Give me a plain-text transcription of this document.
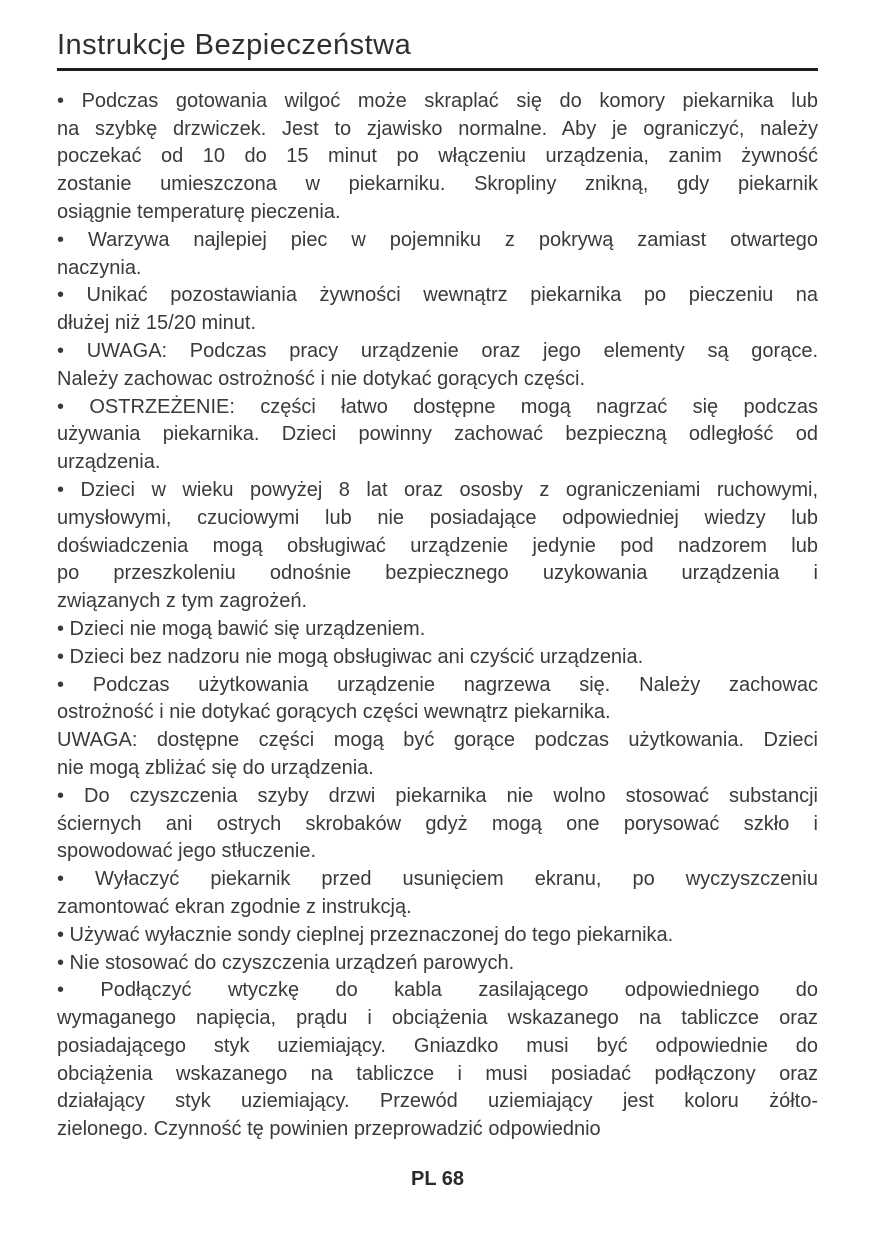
Instrukcje Bezpieczeństwa
• Podczas gotowania wilgoć może skraplać się do komory piekarnika lub
na szybkę drzwiczek. Jest to zjawisko normalne. Aby je ograniczyć, należy
poczekać od 10 do 15 minut po włączeniu urządzenia, zanim żywność
zostanie umieszczona w piekarniku. Skropliny znikną, gdy piekarnik
osiągnie temperaturę pieczenia.
• Warzywa najlepiej piec w pojemniku z pokrywą zamiast otwartego
naczynia.
• Unikać pozostawiania żywności wewnątrz piekarnika po pieczeniu na
dłużej niż 15/20 minut.
• UWAGA: Podczas pracy urządzenie oraz jego elementy są gorące.
Należy zachowac ostrożność i nie dotykać gorących części.
• OSTRZEŻENIE: części łatwo dostępne mogą nagrzać się podczas
używania piekarnika. Dzieci powinny zachować bezpieczną odległość od
urządzenia.
• Dzieci w wieku powyżej 8 lat oraz ososby z ograniczeniami ruchowymi,
umysłowymi, czuciowymi lub nie posiadające odpowiedniej wiedzy lub
doświadczenia mogą obsługiwać urządzenie jedynie pod nadzorem lub
po przeszkoleniu odnośnie bezpiecznego uzykowania urządzenia i
związanych z tym zagrożeń.
• Dzieci nie mogą bawić się urządzeniem.
• Dzieci bez nadzoru nie mogą obsługiwac ani czyścić urządzenia.
• Podczas użytkowania urządzenie nagrzewa się. Należy zachowac
ostrożność i nie dotykać gorących części wewnątrz piekarnika.
UWAGA: dostępne części mogą być gorące podczas użytkowania. Dzieci
nie mogą zbliżać się do urządzenia.
• Do czyszczenia szyby drzwi piekarnika nie wolno stosować substancji
ściernych ani ostrych skrobaków gdyż mogą one porysować szkło i
spowodować jego stłuczenie.
• Wyłaczyć piekarnik przed usunięciem ekranu, po wyczyszczeniu
zamontować ekran zgodnie z instrukcją.
• Używać wyłacznie sondy cieplnej przeznaczonej do tego piekarnika.
• Nie stosować do czyszczenia urządzeń parowych.
• Podłączyć wtyczkę do kabla zasilającego odpowiedniego do
wymaganego napięcia, prądu i obciążenia wskazanego na tabliczce oraz
posiadającego styk uziemiający. Gniazdko musi być odpowiednie do
obciążenia wskazanego na tabliczce i musi posiadać podłączony oraz
działający styk uziemiający. Przewód uziemiający jest koloru żółto-
zielonego. Czynność tę powinien przeprowadzić odpowiednio
PL 68
